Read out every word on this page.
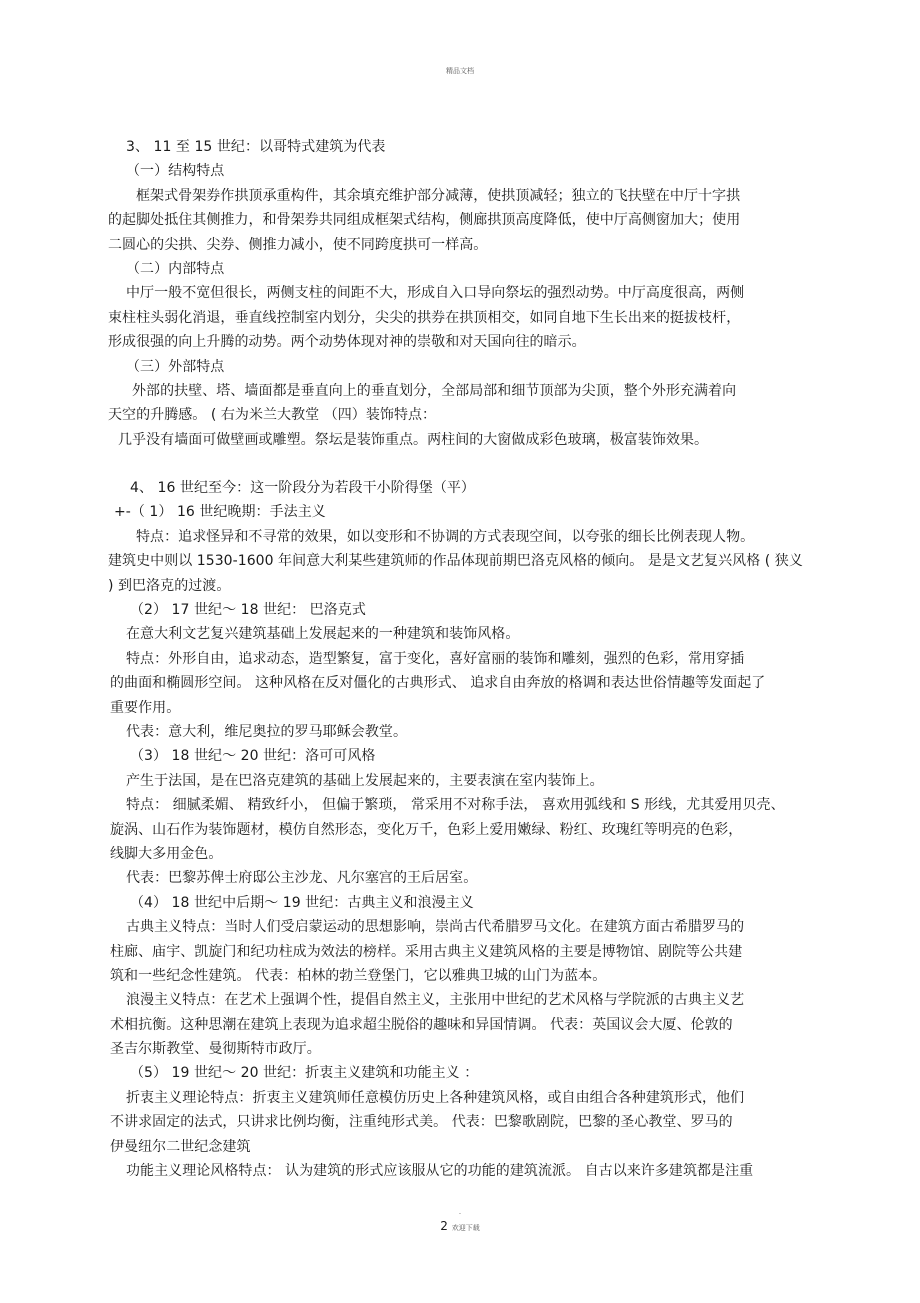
精品文档
3、 11 至 15 世纪：以哥特式建筑为代表
（一）结构特点
框架式骨架券作拱顶承重构件，其余填充维护部分减薄，使拱顶减轻；独立的飞扶壁在中厅十字拱
的起脚处抵住其侧推力，和骨架券共同组成框架式结构，侧廊拱顶高度降低，使中厅高侧窗加大；使用
二圆心的尖拱、尖券、侧推力减小，使不同跨度拱可一样高。
（二）内部特点
中厅一般不宽但很长，两侧支柱的间距不大，形成自入口导向祭坛的强烈动势。中厅高度很高，两侧
束柱柱头弱化消退，垂直线控制室内划分，尖尖的拱券在拱顶相交，如同自地下生长出来的挺拔枝杆，
形成很强的向上升腾的动势。两个动势体现对神的崇敬和对天国向往的暗示。
（三）外部特点
外部的扶壁、塔、墙面都是垂直向上的垂直划分，全部局部和细节顶部为尖顶，整个外形充满着向
天空的升腾感。 ( 右为米兰大教堂 （四）装饰特点：
几乎没有墙面可做壁画或雕塑。祭坛是装饰重点。两柱间的大窗做成彩色玻璃，极富装饰效果。
4、 16 世纪至今：这一阶段分为若段干小阶得堡（平）
+-（ 1） 16 世纪晚期：手法主义
特点：追求怪异和不寻常的效果，如以变形和不协调的方式表现空间，以夸张的细长比例表现人物。
建筑史中则以 1530-1600 年间意大利某些建筑师的作品体现前期巴洛克风格的倾向。 是是文艺复兴风格 ( 狭义
) 到巴洛克的过渡。
（2） 17 世纪～ 18 世纪： 巴洛克式
在意大利文艺复兴建筑基础上发展起来的一种建筑和装饰风格。
特点：外形自由，追求动态，造型繁复，富于变化，喜好富丽的装饰和雕刻，强烈的色彩，常用穿插
的曲面和椭圆形空间。 这种风格在反对僵化的古典形式、 追求自由奔放的格调和表达世俗情趣等发面起了
重要作用。
代表：意大利，维尼奥拉的罗马耶稣会教堂。
（3） 18 世纪～ 20 世纪：洛可可风格
产生于法国，是在巴洛克建筑的基础上发展起来的，主要表演在室内装饰上。
特点： 细腻柔媚、 精致纤小， 但偏于繁琐， 常采用不对称手法， 喜欢用弧线和 S 形线，尤其爱用贝壳、
旋涡、山石作为装饰题材，模仿自然形态，变化万千，色彩上爱用嫩绿、粉红、玫瑰红等明亮的色彩，
线脚大多用金色。
代表：巴黎苏俾士府邸公主沙龙、凡尔塞宫的王后居室。
（4） 18 世纪中后期～ 19 世纪：古典主义和浪漫主义
古典主义特点：当时人们受启蒙运动的思想影响，崇尚古代希腊罗马文化。在建筑方面古希腊罗马的
柱廊、庙宇、凯旋门和纪功柱成为效法的榜样。采用古典主义建筑风格的主要是博物馆、剧院等公共建
筑和一些纪念性建筑。 代表：柏林的勃兰登堡门，它以雅典卫城的山门为蓝本。
浪漫主义特点：在艺术上强调个性，提倡自然主义，主张用中世纪的艺术风格与学院派的古典主义艺
术相抗衡。这种思潮在建筑上表现为追求超尘脱俗的趣味和异国情调。 代表：英国议会大厦、伦敦的
圣吉尔斯教堂、曼彻斯特市政厅。
（5） 19 世纪～ 20 世纪：折衷主义建筑和功能主义 ：
折衷主义理论特点：折衷主义建筑师任意模仿历史上各种建筑风格，或自由组合各种建筑形式，他们
不讲求固定的法式，只讲求比例均衡，注重纯形式美。 代表：巴黎歌剧院，巴黎的圣心教堂、罗马的
伊曼纽尔二世纪念建筑
功能主义理论风格特点： 认为建筑的形式应该服从它的功能的建筑流派。 自古以来许多建筑都是注重
.
2 欢迎下载
